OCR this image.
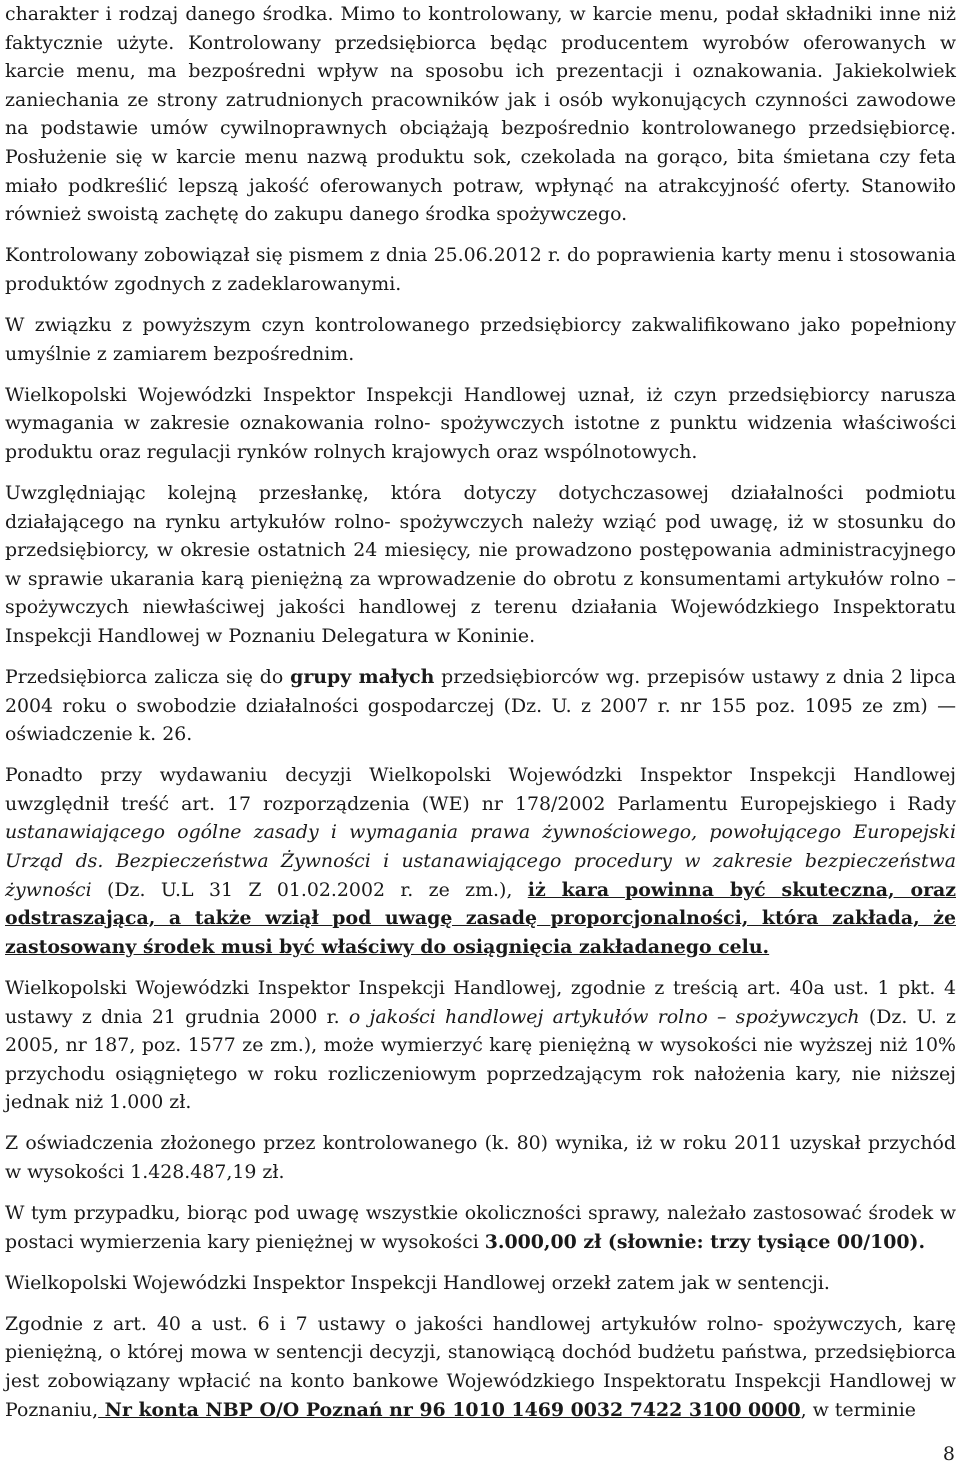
charakter i rodzaj danego środka. Mimo to kontrolowany, w karcie menu, podał składniki inne niż faktycznie użyte. Kontrolowany przedsiębiorca będąc producentem wyrobów oferowanych w karcie menu, ma bezpośredni wpływ na sposobu ich prezentacji i oznakowania. Jakiekolwiek zaniechania ze strony zatrudnionych pracowników jak i osób wykonujących czynności zawodowe na podstawie umów cywilnoprawnych obciążają bezpośrednio kontrolowanego przedsiębiorcę. Posłużenie się w karcie menu nazwą produktu sok, czekolada na gorąco, bita śmietana czy feta miało podkreślić lepszą jakość oferowanych potraw, wpłynąć na atrakcyjność oferty. Stanowiło również swoistą zachętę do zakupu danego środka spożywczego.

Kontrolowany zobowiązał się pismem z dnia 25.06.2012 r. do poprawienia karty menu i stosowania produktów zgodnych z zadeklarowanymi.

W związku z powyższym czyn kontrolowanego przedsiębiorcy zakwalifikowano jako popełniony umyślnie z zamiarem bezpośrednim.

Wielkopolski Wojewódzki Inspektor Inspekcji Handlowej uznał, iż czyn przedsiębiorcy narusza wymagania w zakresie oznakowania rolno- spożywczych istotne z punktu widzenia właściwości produktu oraz regulacji rynków rolnych krajowych oraz wspólnotowych.

Uwzględniając kolejną przesłankę, która dotyczy dotychczasowej działalności podmiotu działającego na rynku artykułów rolno- spożywczych należy wziąć pod uwagę, iż w stosunku do przedsiębiorcy, w okresie ostatnich 24 miesięcy, nie prowadzono postępowania administracyjnego w sprawie ukarania karą pieniężną za wprowadzenie do obrotu z konsumentami artykułów rolno – spożywczych niewłaściwej jakości handlowej z terenu działania Wojewódzkiego Inspektoratu Inspekcji Handlowej w Poznaniu Delegatura w Koninie.

Przedsiębiorca zalicza się do grupy małych przedsiębiorców wg. przepisów ustawy z dnia 2 lipca 2004 roku o swobodzie działalności gospodarczej (Dz. U. z 2007 r. nr 155 poz. 1095 ze zm) — oświadczenie k. 26.

Ponadto przy wydawaniu decyzji Wielkopolski Wojewódzki Inspektor Inspekcji Handlowej uwzględnił treść art. 17 rozporządzenia (WE) nr 178/2002 Parlamentu Europejskiego i Rady ustanawiającego ogólne zasady i wymagania prawa żywnościowego, powołującego Europejski Urząd ds. Bezpieczeństwa Żywności i ustanawiającego procedury w zakresie bezpieczeństwa żywności (Dz. U.L 31 Z 01.02.2002 r. ze zm.), iż kara powinna być skuteczna, oraz odstraszająca, a także wziął pod uwagę zasadę proporcjonalności, która zakłada, że zastosowany środek musi być właściwy do osiągnięcia zakładanego celu.

Wielkopolski Wojewódzki Inspektor Inspekcji Handlowej, zgodnie z treścią art. 40a ust. 1 pkt. 4 ustawy z dnia 21 grudnia 2000 r. o jakości handlowej artykułów rolno – spożywczych (Dz. U. z 2005, nr 187, poz. 1577 ze zm.), może wymierzyć karę pieniężną w wysokości nie wyższej niż 10% przychodu osiągniętego w roku rozliczeniowym poprzedzającym rok nałożenia kary, nie niższej jednak niż 1.000 zł.

Z oświadczenia złożonego przez kontrolowanego (k. 80) wynika, iż w roku 2011 uzyskał przychód w wysokości 1.428.487,19 zł.

W tym przypadku, biorąc pod uwagę wszystkie okoliczności sprawy, należało zastosować środek w postaci wymierzenia kary pieniężnej w wysokości 3.000,00 zł (słownie: trzy tysiące 00/100).

Wielkopolski Wojewódzki Inspektor Inspekcji Handlowej orzekł zatem jak w sentencji.

Zgodnie z art. 40 a ust. 6 i 7 ustawy o jakości handlowej artykułów rolno- spożywczych, karę pieniężną, o której mowa w sentencji decyzji, stanowiącą dochód budżetu państwa, przedsiębiorca jest zobowiązany wpłacić na konto bankowe Wojewódzkiego Inspektoratu Inspekcji Handlowej w Poznaniu, Nr konta NBP O/O Poznań nr 96 1010 1469 0032 7422 3100 0000, w terminie

8
